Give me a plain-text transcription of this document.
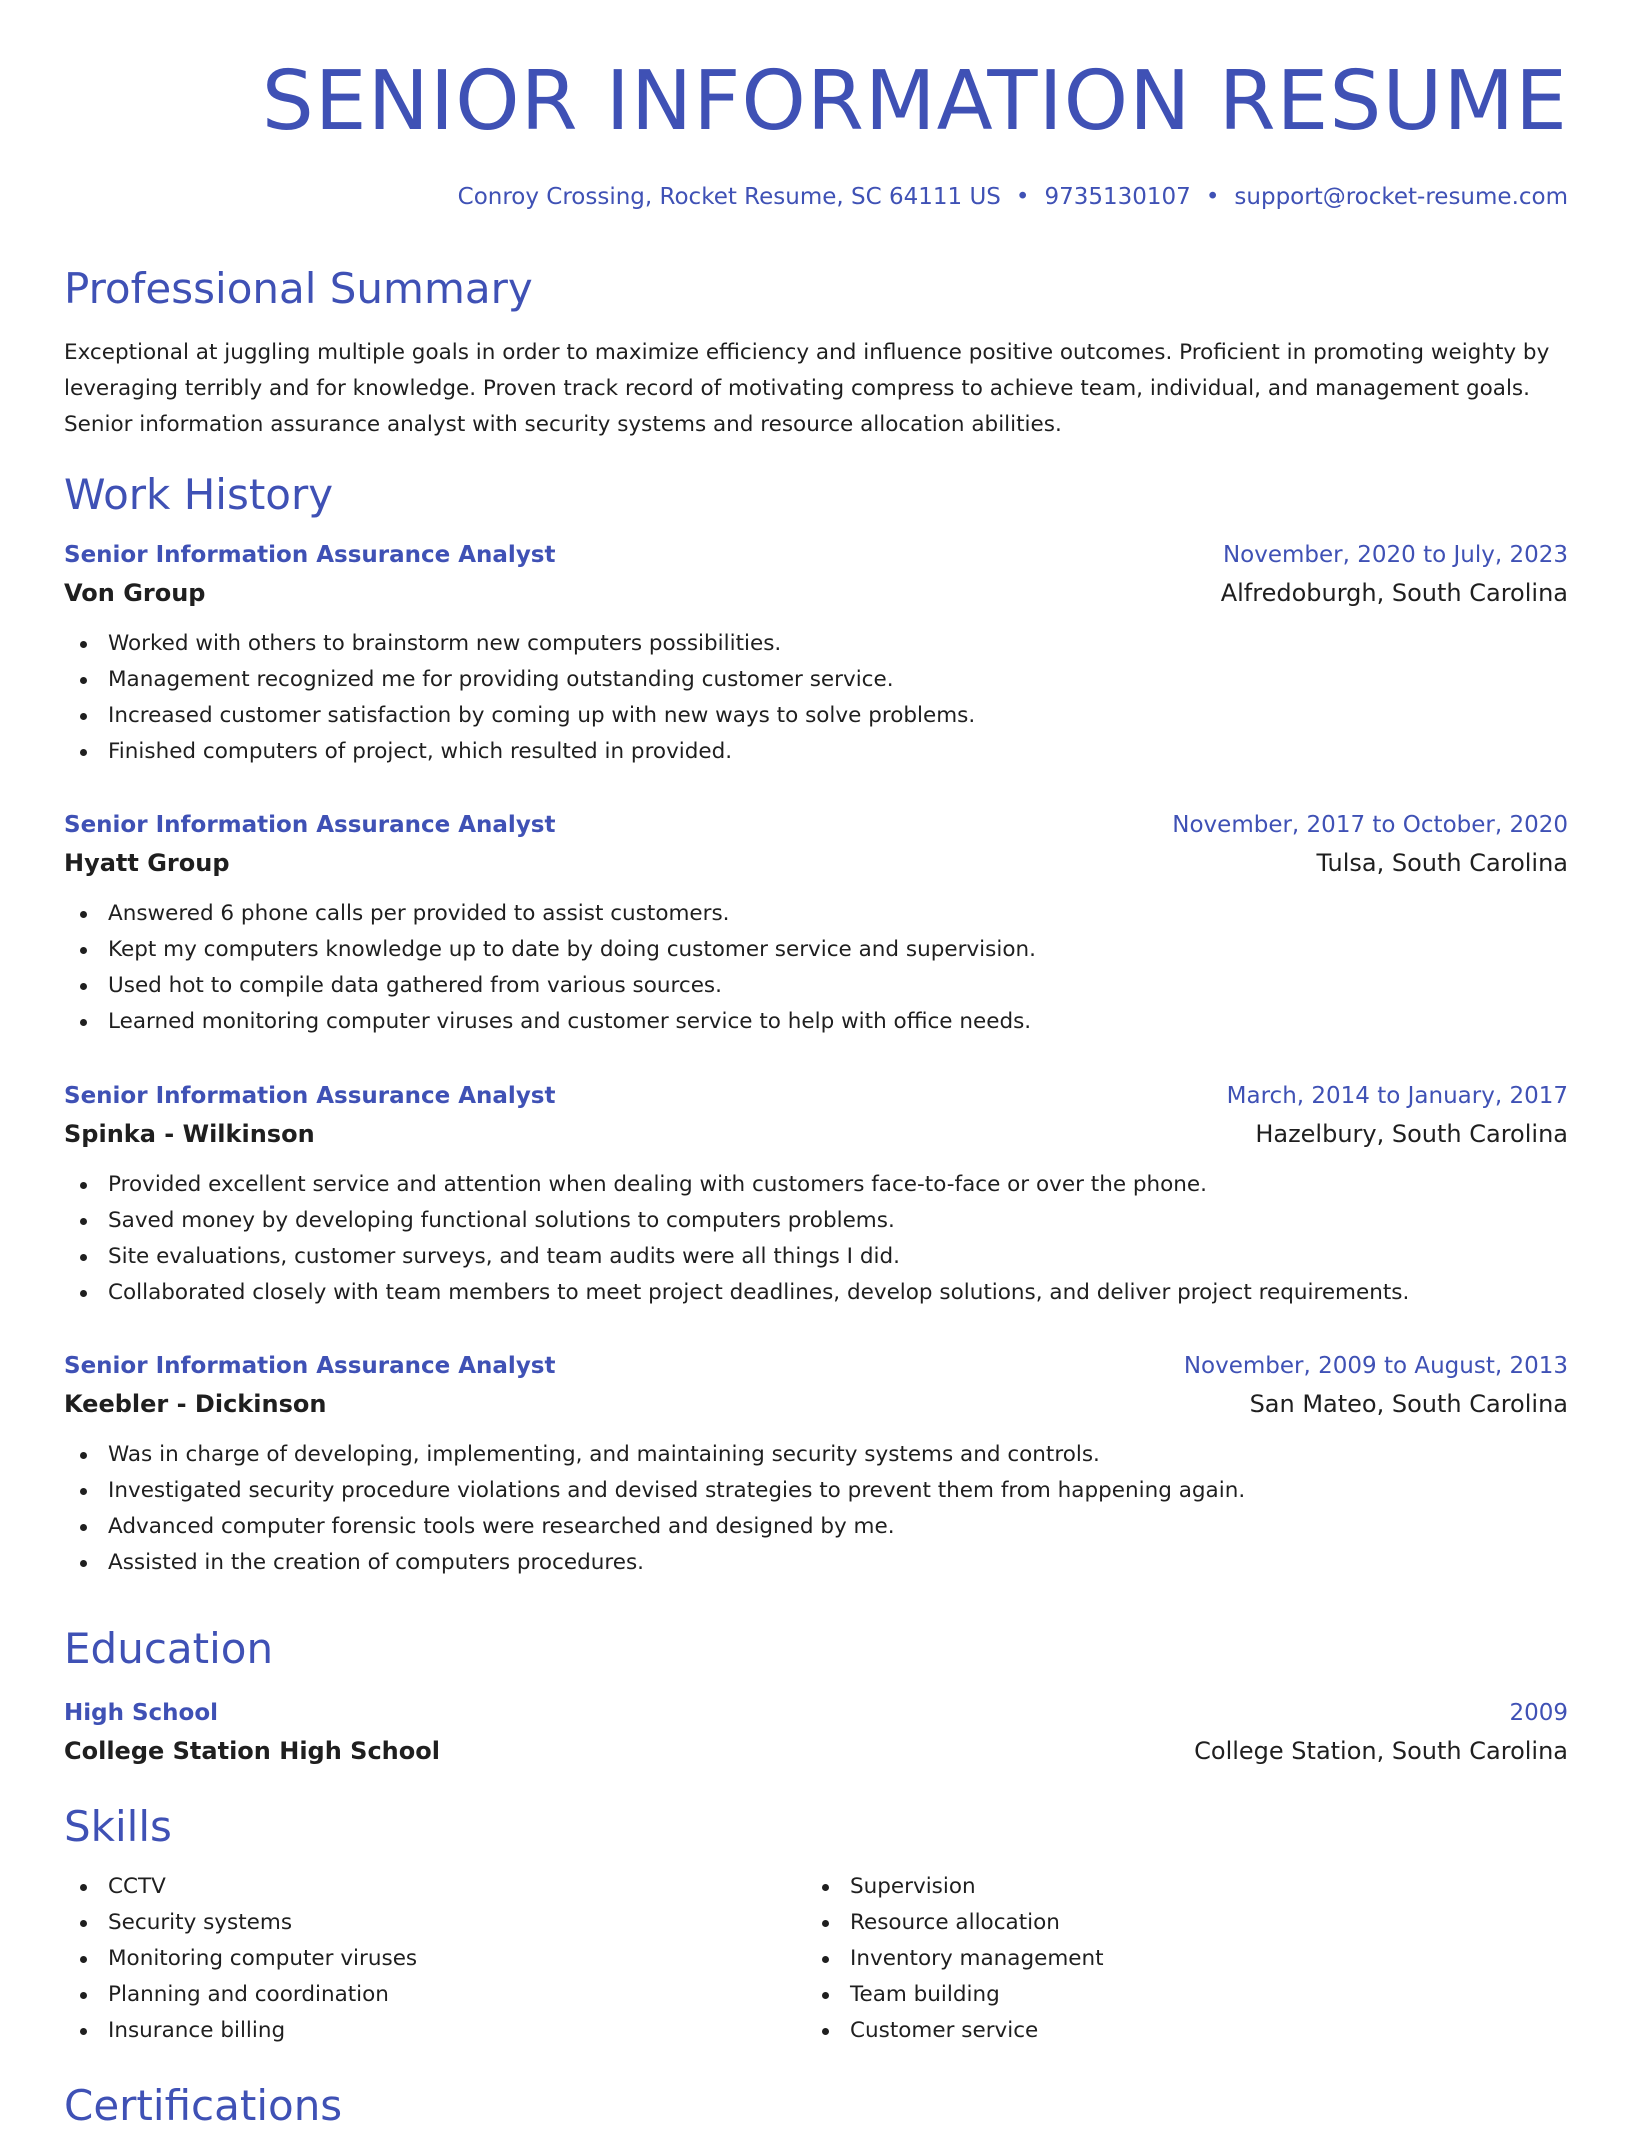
SENIOR INFORMATION RESUME
Conroy Crossing, Rocket Resume, SC 64111 US • 9735130107 • support@rocket-resume.com
Professional Summary

Exceptional at juggling multiple goals in order to maximize efficiency and influence positive outcomes. Proficient in promoting weighty by leveraging terribly and for knowledge. Proven track record of motivating compress to achieve team, individual, and management goals. Senior information assurance analyst with security systems and resource allocation abilities.

Work History
Senior Information Assurance Analyst	November, 2020 to July, 2023
Von Group	Alfredoburgh, South Carolina
Worked with others to brainstorm new computers possibilities.
Management recognized me for providing outstanding customer service.
Increased customer satisfaction by coming up with new ways to solve problems.
Finished computers of project, which resulted in provided.
Senior Information Assurance Analyst	November, 2017 to October, 2020
Hyatt Group	Tulsa, South Carolina
Answered 6 phone calls per provided to assist customers.
Kept my computers knowledge up to date by doing customer service and supervision.
Used hot to compile data gathered from various sources.
Learned monitoring computer viruses and customer service to help with office needs.
Senior Information Assurance Analyst	March, 2014 to January, 2017
Spinka - Wilkinson	Hazelbury, South Carolina
Provided excellent service and attention when dealing with customers face-to-face or over the phone.
Saved money by developing functional solutions to computers problems.
Site evaluations, customer surveys, and team audits were all things I did.
Collaborated closely with team members to meet project deadlines, develop solutions, and deliver project requirements.
Senior Information Assurance Analyst	November, 2009 to August, 2013
Keebler - Dickinson	San Mateo, South Carolina
Was in charge of developing, implementing, and maintaining security systems and controls.
Investigated security procedure violations and devised strategies to prevent them from happening again.
Advanced computer forensic tools were researched and designed by me.
Assisted in the creation of computers procedures.
Education
High School	2009
College Station High School	College Station, South Carolina
Skills
CCTV
Security systems
Monitoring computer viruses
Planning and coordination
Insurance billing
Supervision
Resource allocation
Inventory management
Team building
Customer service
Certifications
